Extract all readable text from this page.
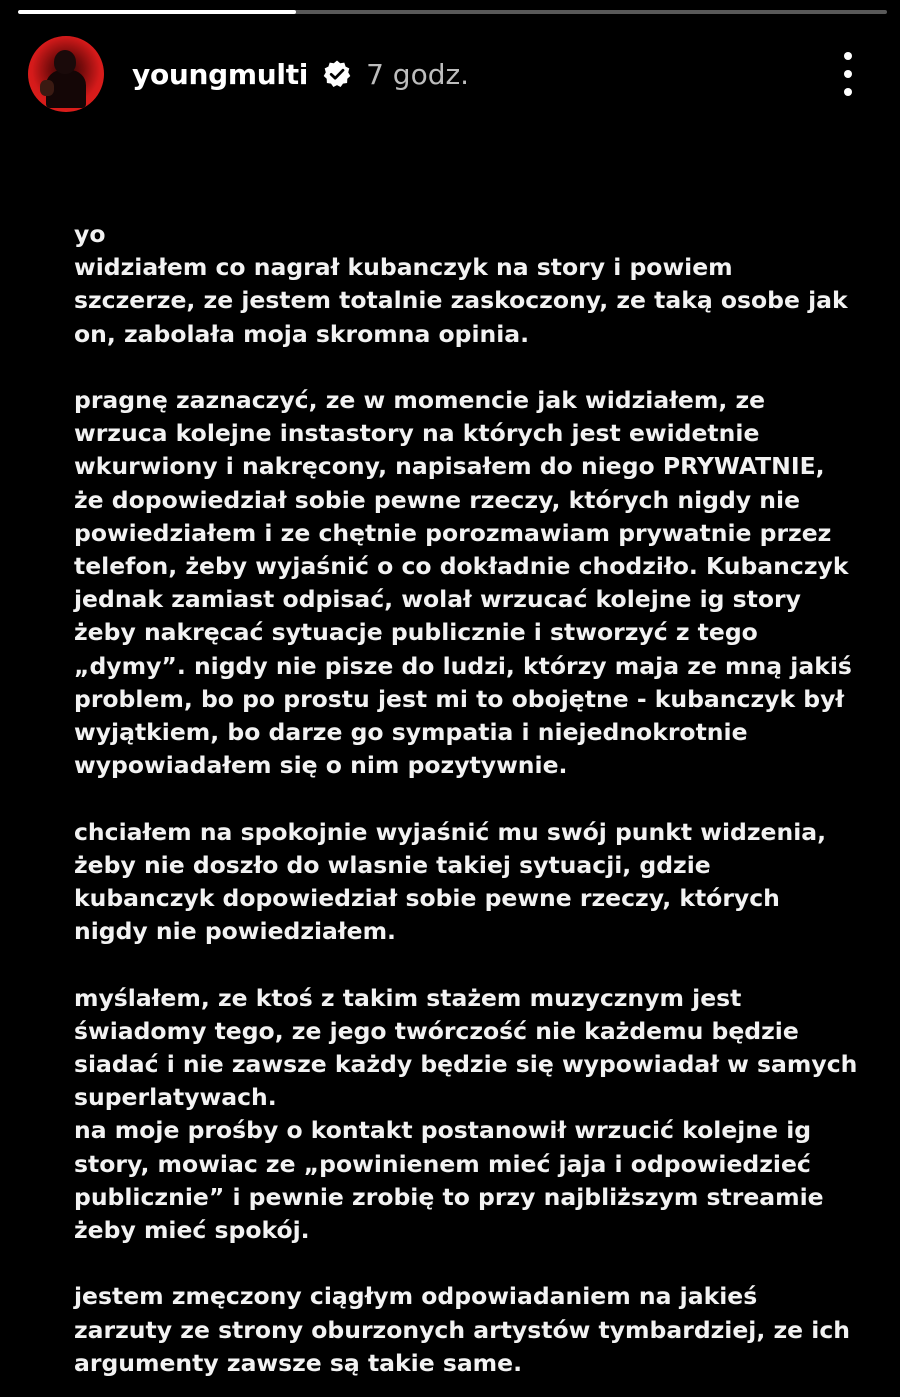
youngmulti 7 godz.

yo

widziałem co nagrał kubanczyk na story i powiem

szczerze, ze jestem totalnie zaskoczony, ze taką osobe jak

on, zabolała moja skromna opinia.

pragnę zaznaczyć, ze w momencie jak widziałem, ze

wrzuca kolejne instastory na których jest ewidetnie

wkurwiony i nakręcony, napisałem do niego PRYWATNIE,

że dopowiedział sobie pewne rzeczy, których nigdy nie

powiedziałem i ze chętnie porozmawiam prywatnie przez

telefon, żeby wyjaśnić o co dokładnie chodziło. Kubanczyk

jednak zamiast odpisać, wolał wrzucać kolejne ig story

żeby nakręcać sytuacje publicznie i stworzyć z tego

„dymy”. nigdy nie pisze do ludzi, którzy maja ze mną jakiś

problem, bo po prostu jest mi to obojętne - kubanczyk był

wyjątkiem, bo darze go sympatia i niejednokrotnie

wypowiadałem się o nim pozytywnie.

chciałem na spokojnie wyjaśnić mu swój punkt widzenia,

żeby nie doszło do wlasnie takiej sytuacji, gdzie

kubanczyk dopowiedział sobie pewne rzeczy, których

nigdy nie powiedziałem.

myślałem, ze ktoś z takim stażem muzycznym jest

świadomy tego, ze jego twórczość nie każdemu będzie

siadać i nie zawsze każdy będzie się wypowiadał w samych

superlatywach.

na moje prośby o kontakt postanowił wrzucić kolejne ig

story, mowiac ze „powinienem mieć jaja i odpowiedzieć

publicznie” i pewnie zrobię to przy najbliższym streamie

żeby mieć spokój.

jestem zmęczony ciągłym odpowiadaniem na jakieś

zarzuty ze strony oburzonych artystów tymbardziej, ze ich

argumenty zawsze są takie same.
